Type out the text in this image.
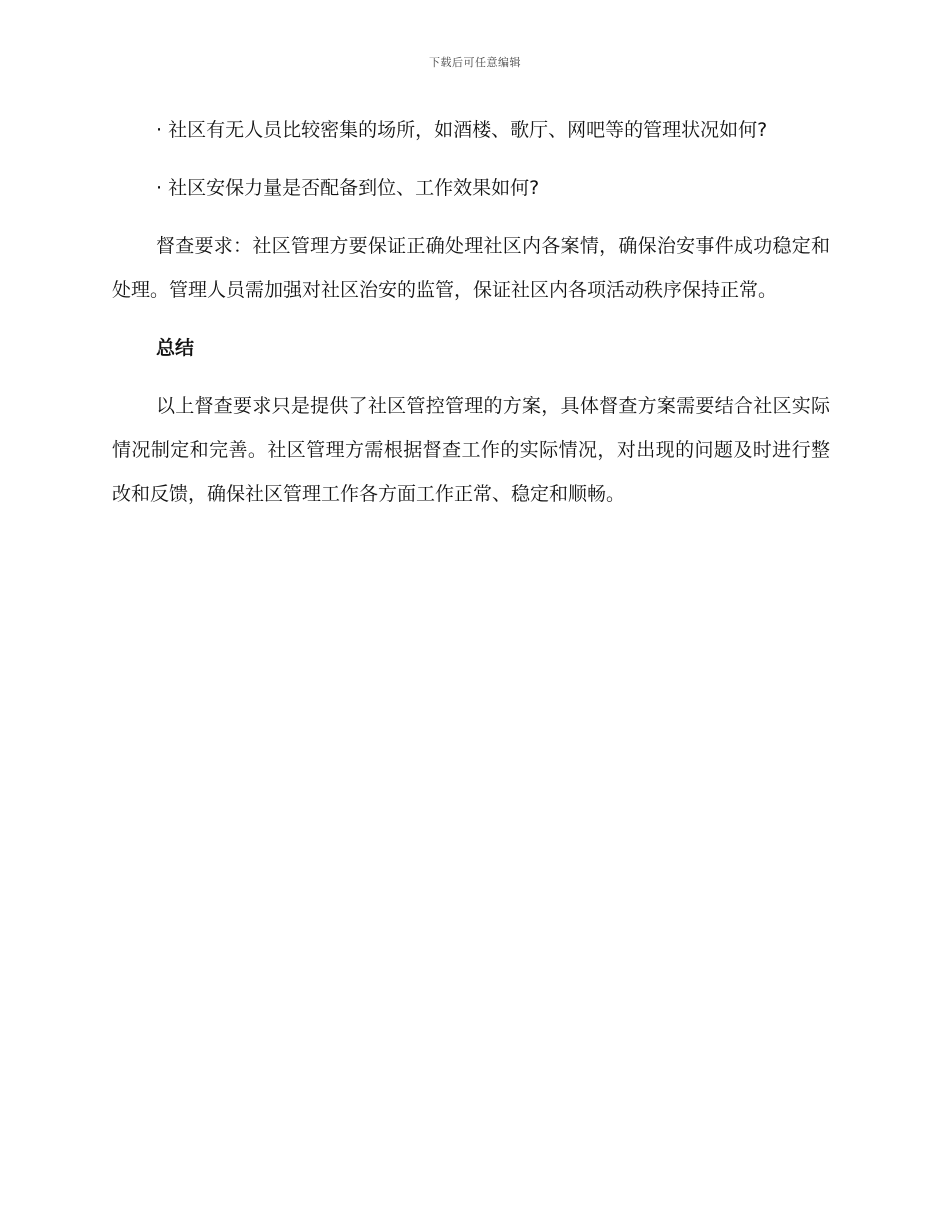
下载后可任意编辑

· 社区有无人员比较密集的场所，如酒楼、歌厅、网吧等的管理状况如何?

· 社区安保力量是否配备到位、工作效果如何?

督查要求：社区管理方要保证正确处理社区内各案情，确保治安事件成功稳定和处理。管理人员需加强对社区治安的监管，保证社区内各项活动秩序保持正常。

总结

以上督查要求只是提供了社区管控管理的方案，具体督查方案需要结合社区实际情况制定和完善。社区管理方需根据督查工作的实际情况，对出现的问题及时进行整改和反馈，确保社区管理工作各方面工作正常、稳定和顺畅。
